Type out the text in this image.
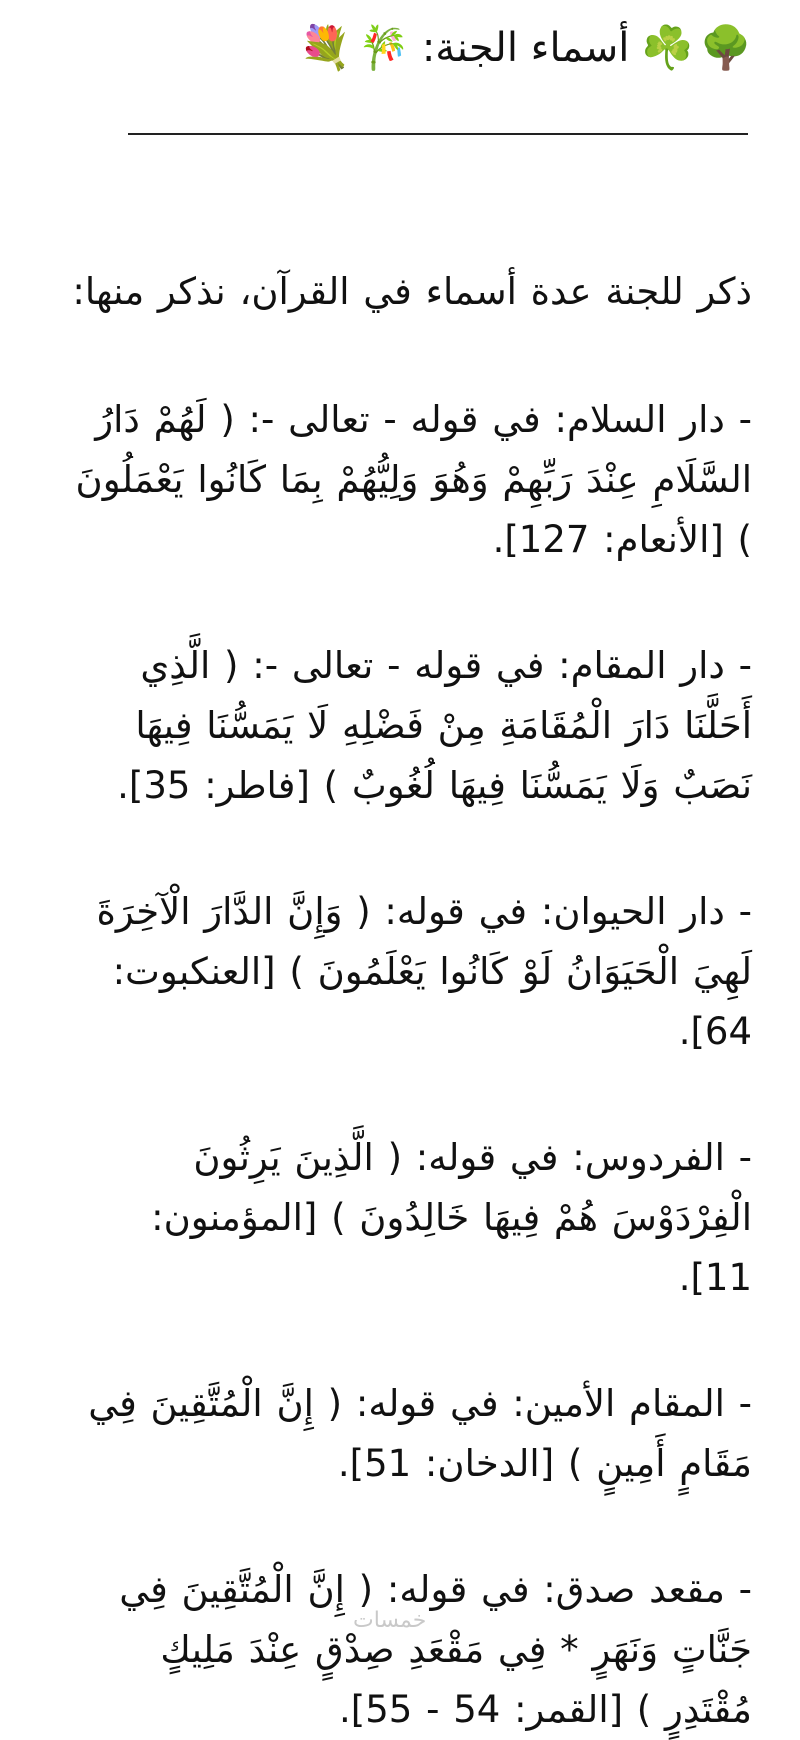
🌳
☘️
أسماء الجنة:
🎋
💐

ذكر للجنة عدة أسماء في القرآن، نذكر منها:

- دار السلام: في قوله - تعالى -: ( لَهُمْ دَارُ السَّلَامِ عِنْدَ رَبِّهِمْ وَهُوَ وَلِيُّهُمْ بِمَا كَانُوا يَعْمَلُونَ ) [الأنعام: 127].

- دار المقام: في قوله - تعالى -: ( الَّذِي أَحَلَّنَا دَارَ الْمُقَامَةِ مِنْ فَضْلِهِ لَا يَمَسُّنَا فِيهَا نَصَبٌ وَلَا يَمَسُّنَا فِيهَا لُغُوبٌ ) [فاطر: 35].

- دار الحيوان: في قوله: ( وَإِنَّ الدَّارَ الْآخِرَةَ لَهِيَ الْحَيَوَانُ لَوْ كَانُوا يَعْلَمُونَ ) [العنكبوت: 64].

- الفردوس: في قوله: ( الَّذِينَ يَرِثُونَ الْفِرْدَوْسَ هُمْ فِيهَا خَالِدُونَ ) [المؤمنون: 11].

- المقام الأمين: في قوله: ( إِنَّ الْمُتَّقِينَ فِي مَقَامٍ أَمِينٍ ) [الدخان: 51].

- مقعد صدق: في قوله: ( إِنَّ الْمُتَّقِينَ فِي جَنَّاتٍ وَنَهَرٍ * فِي مَقْعَدِ صِدْقٍ عِنْدَ مَلِيكٍ مُقْتَدِرٍ ) [القمر: 54 - 55].

خمسات
